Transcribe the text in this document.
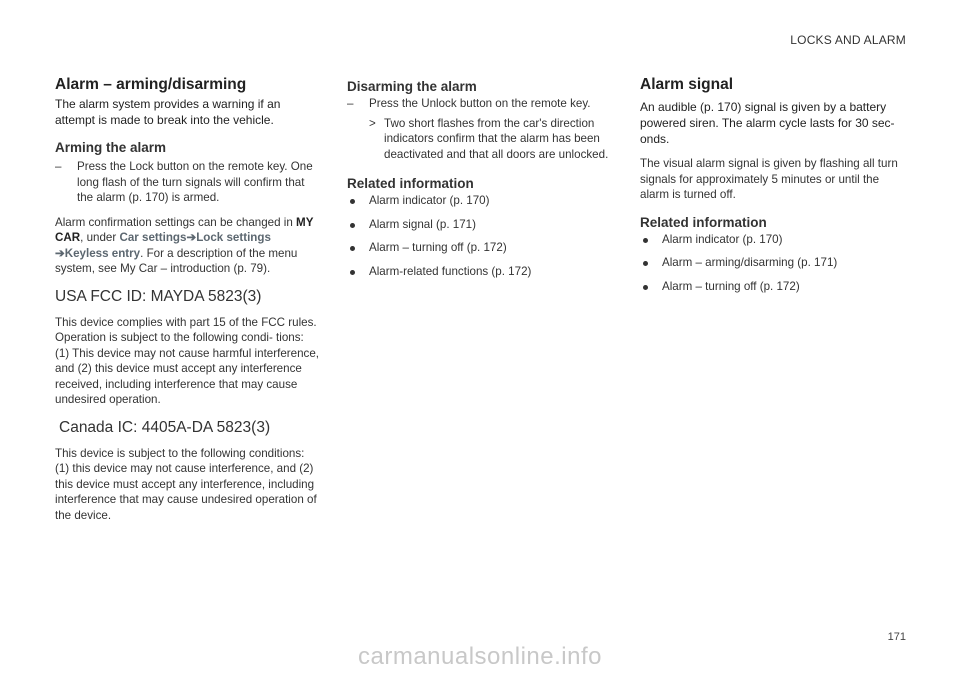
LOCKS AND ALARM
Alarm – arming/disarming
The alarm system provides a warning if an attempt is made to break into the vehicle.
Arming the alarm
– Press the Lock button on the remote key. One long flash of the turn signals will confirm that the alarm (p. 170) is armed.

Alarm confirmation settings can be changed in MY CAR, under Car settings➔Lock settings
➔Keyless entry. For a description of the menu system, see My Car – introduction (p. 79).

USA FCC ID: MAYDA 5823(3)

This device complies with part 15 of the FCC rules. Operation is subject to the following condi- tions: (1) This device may not cause harmful interference, and (2) this device must accept any interference received, including interference that may cause undesired operation.

Canada IC: 4405A-DA 5823(3)

This device is subject to the following conditions: (1) this device may not cause interference, and (2) this device must accept any interference, including interference that may cause undesired operation of the device.

Disarming the alarm
– Press the Unlock button on the remote key.
> Two short flashes from the car's direction indicators confirm that the alarm has been deactivated and that all doors are unlocked.
Related information
Alarm indicator (p. 170)
Alarm signal (p. 171)
Alarm – turning off (p. 172)
Alarm-related functions (p. 172)
Alarm signal
An audible (p. 170) signal is given by a battery powered siren. The alarm cycle lasts for 30 sec- onds.

The visual alarm signal is given by flashing all turn signals for approximately 5 minutes or until the alarm is turned off.

Related information
Alarm indicator (p. 170)
Alarm – arming/disarming (p. 171)
Alarm – turning off (p. 172)
171
carmanualsonline.info
